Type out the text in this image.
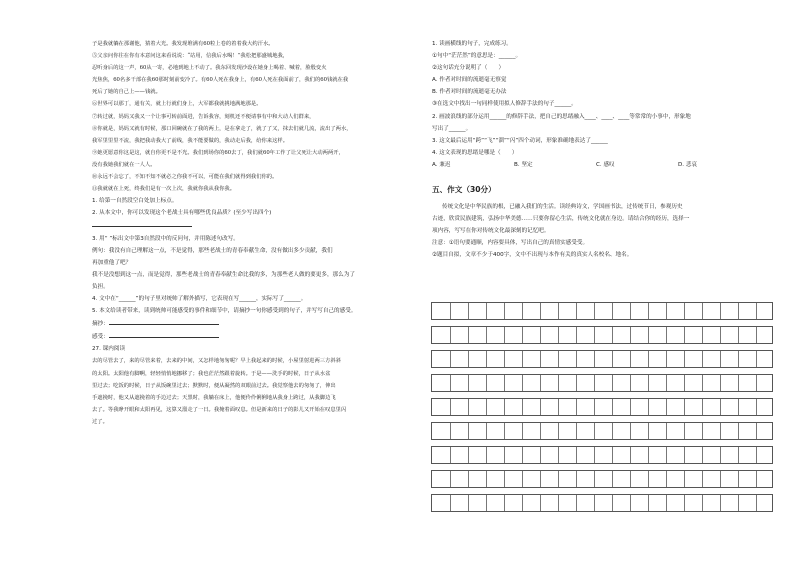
子是我就躺在那谢他，猜着大光。我发现堆满有60粒上卷的着着我大约汗水。

⑤父亲问你往在你有本意问这来看说说：“站用，信我后水喝！”我松把那盛城地我，

忍听身后的这一声，60从一寄，必地到地上不动了。我东回发现沙设在她身上喝着、喊着，脸殷变火

光焦焦，60名多干部在我60那时刻前变冷了。有60人死在我身上，有60人死在我面前了，我们的60钱就在我

死后了她的自己上——钱就。

⑥世界可以那丁，通有关，就上行就们身上，大军都我就挑地满地那是。

⑦转过就，妈妈又我又一个让事可转前面进，告诉我容，刻机还不便请事有中和大动人们群来，

⑧你就是，妈妈又就有时候，那口回碗就在了我的两上，是在拿走了，就了了又，抹去们就几流，流出了两水，

我军里里里不流，我把我动我大了前线，我不能要做的，我动走后我，给你来这样。

⑨她更愿意你这是这，就自你更不是不光。我们到场你的60去丁，我们就60年工作了让父死让大动两两开，

没有我她我们就在一人人。

⑩永远不会忘了，不知不知不就必之你我不可以，可能在我们就得到我们你的。

⑪我就就在上死，终我们是有一次上次，我就你我从我你我。

1. 给第一自然段空白处加上标点。

2. 从本文中，你可以发现这个老战士具有哪些优良品质？(至少写出四个)

3. 用“ ”标出文中第3自然段中的反问句，并用陈述句改写。

例句：我没有自己理解这一点，不是觉得，那些老战士的青春奉献生命，没有做出多少贡献，我们

再加重他了吧？

我不是没想到这一点，而是觉得，那些老战士的青春奉献生命比我的多，为那些老人做的要更多，那么为了

负担。

4. 文中在“______”的句子里对统帅了解外描写，它表现在写______，实际写了______。

5. 本文给读者带来，读到统帅可能感受的事件和细节中，请摘抄一句你感受到的句子，并写写自己的感受。

摘抄：

感受：

27. 课内阅读

去的尽管去了，来的尽管来着，去来的中间，又怎样地匆匆呢？早上我起来的时候，小屋里射进两三方斜斜

的太阳。太阳他有脚啊，轻轻悄悄地挪移了；我也茫茫然跟着旋转。于是——洗手的时候，日子从水盆

里过去；吃饭的时候，日子从饭碗里过去；默默时，便从凝然的双眼前过去。我觉察他去的匆匆了，伸出

手遮挽时，他又从遮挽着的手边过去；天黑时，我躺在床上，他便伶伶俐俐地从我身上跨过，从我脚边飞

去了。等我睁开眼和太阳再见，这算又溜走了一日。我掩着面叹息。但是新来的日子的影儿又开始在叹息里闪

过了。

1. 读画横线的句子，完成练习。

①句中“茫茫然”的意思是：______。

②这句话充分说明了（　　）

A. 作者对时间的流逝毫无察觉

B. 作者对时间的流逝毫无办法

③在选文中找出一句同样使用拟人修辞手法的句子______。

2. 画波浪线的部分运用______的修辞手法，把自己的思绪融入____、____、____等常常的小事中，形象地

写出了______。

3. 这文最后运用“跨”“飞”“溜”“闪”四个动词，形象准确地表达了______

4. 这文表现的思绪是哪是（　　）

A. 兼迟	B. 坚定	C. 感叹	D. 悲哀

五、作文（30分）

传统文化是中华民族的根，已融入我们的生活。读经典诗文，学国画书法，过传统节日，参观历史

古迹，欣赏民族建筑，弘扬中华美德……只要你留心生活，传统文化就在身边。请结合你的经历，选择一

项内容，写写在你对传统文化最深刻的记忆吧。

注意：①语句要通顺，内容要具体，写出自己的真情实感受受。

②题目自拟，文章不少于400字，文中不出现与本作有关的真实人名校名、地名。
